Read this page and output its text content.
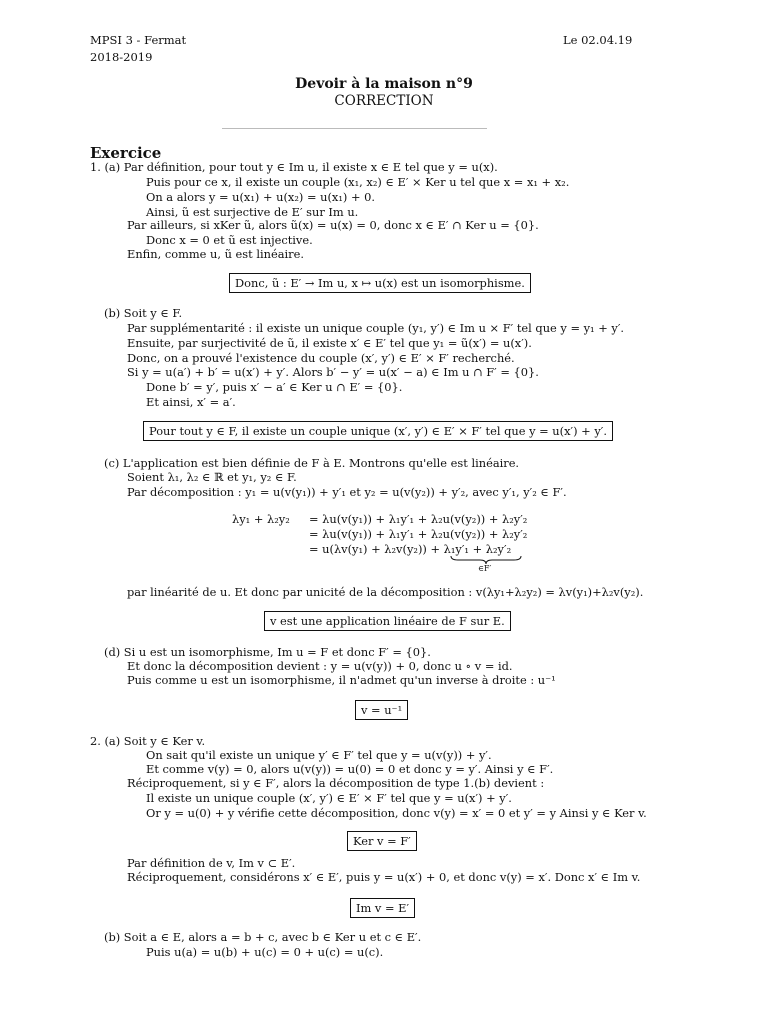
MPSI 3 - Fermat
2018-2019
Le 02.04.19
Devoir à la maison n°9
CORRECTION
Exercice
1. (a) Par définition, pour tout y ∈ Im u, il existe x ∈ E tel que y = u(x).
Puis pour ce x, il existe un couple (x₁, x₂) ∈ E′ × Ker u tel que x = x₁ + x₂.
On a alors y = u(x₁) + u(x₂) = u(x₁) + 0.
Ainsi, ũ est surjective de E′ sur Im u.
Par ailleurs, si xKer ũ, alors ũ(x) = u(x) = 0, donc x ∈ E′ ∩ Ker u = {0}.
Donc x = 0 et ũ est injective.
Enfin, comme u, ũ est linéaire.
Donc, ũ : E′ → Im u, x ↦ u(x) est un isomorphisme.
(b) Soit y ∈ F.
Par supplémentarité : il existe un unique couple (y₁, y′) ∈ Im u × F′ tel que y = y₁ + y′.
Ensuite, par surjectivité de ũ, il existe x′ ∈ E′ tel que y₁ = ũ(x′) = u(x′).
Donc, on a prouvé l'existence du couple (x′, y′) ∈ E′ × F′ recherché.
Si y = u(a′) + b′ = u(x′) + y′. Alors b′ − y′ = u(x′ − a) ∈ Im u ∩ F′ = {0}.
Done b′ = y′, puis x′ − a′ ∈ Ker u ∩ E′ = {0}.
Et ainsi, x′ = a′.
Pour tout y ∈ F, il existe un couple unique (x′, y′) ∈ E′ × F′ tel que y = u(x′) + y′.
(c) L'application est bien définie de F à E. Montrons qu'elle est linéaire.
Soient λ₁, λ₂ ∈ ℝ et y₁, y₂ ∈ F.
Par décomposition : y₁ = u(v(y₁)) + y′₁ et y₂ = u(v(y₂)) + y′₂, avec y′₁, y′₂ ∈ F′.
λy₁ + λ₂y₂ = λu(v(y₁)) + λ₁y′₁ + λ₂u(v(y₂)) + λ₂y′₂
= λu(v(y₁)) + λ₁y′₁ + λ₂u(v(y₂)) + λ₂y′₂
= u(λv(y₁) + λ₂v(y₂)) + λ₁y′₁ + λ₂y′₂
∈F′
par linéarité de u. Et donc par unicité de la décomposition : v(λy₁+λ₂y₂) = λv(y₁)+λ₂v(y₂).
v est une application linéaire de F sur E.
(d) Si u est un isomorphisme, Im u = F et donc F′ = {0}.
Et donc la décomposition devient : y = u(v(y)) + 0, donc u ∘ v = id.
Puis comme u est un isomorphisme, il n'admet qu'un inverse à droite : u⁻¹
v = u⁻¹
2. (a) Soit y ∈ Ker v.
On sait qu'il existe un unique y′ ∈ F′ tel que y = u(v(y)) + y′.
Et comme v(y) = 0, alors u(v(y)) = u(0) = 0 et donc y = y′. Ainsi y ∈ F′.
Réciproquement, si y ∈ F′, alors la décomposition de type 1.(b) devient :
Il existe un unique couple (x′, y′) ∈ E′ × F′ tel que y = u(x′) + y′.
Or y = u(0) + y vérifie cette décomposition, donc v(y) = x′ = 0 et y′ = y Ainsi y ∈ Ker v.
Ker v = F′
Par définition de v, Im v ⊂ E′.
Réciproquement, considérons x′ ∈ E′, puis y = u(x′) + 0, et donc v(y) = x′. Donc x′ ∈ Im v.
Im v = E′
(b) Soit a ∈ E, alors a = b + c, avec b ∈ Ker u et c ∈ E′.
Puis u(a) = u(b) + u(c) = 0 + u(c) = u(c).
